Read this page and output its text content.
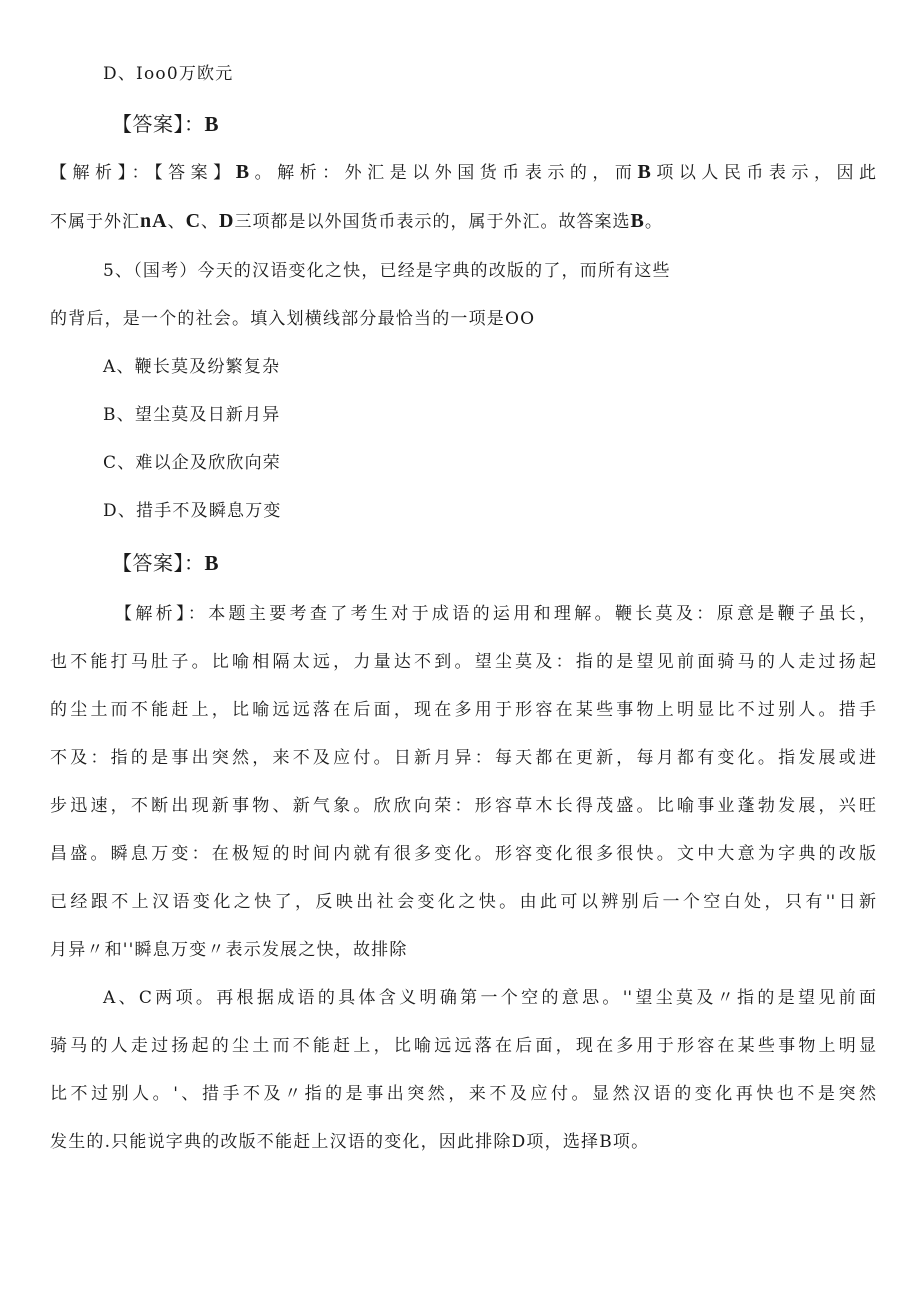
D、Ioo0万欧元
【答案】：B
【解析】：【答案】B。解析：外汇是以外国货币表示的，而B项以人民币表示，因此
不属于外汇nA、C、D三项都是以外国货币表示的，属于外汇。故答案选B。
5、（国考）今天的汉语变化之快，已经是字典的改版的了，而所有这些
的背后，是一个的社会。填入划横线部分最恰当的一项是OO
A、鞭长莫及纷繁复杂
B、望尘莫及日新月异
C、难以企及欣欣向荣
D、措手不及瞬息万变
【答案】：B
【解析】：本题主要考查了考生对于成语的运用和理解。鞭长莫及：原意是鞭子虽长，
也不能打马肚子。比喻相隔太远，力量达不到。望尘莫及：指的是望见前面骑马的人走过扬起
的尘土而不能赶上，比喻远远落在后面，现在多用于形容在某些事物上明显比不过别人。措手
不及：指的是事出突然，来不及应付。日新月异：每天都在更新，每月都有变化。指发展或进
步迅速，不断出现新事物、新气象。欣欣向荣：形容草木长得茂盛。比喻事业蓬勃发展，兴旺
昌盛。瞬息万变：在极短的时间内就有很多变化。形容变化很多很快。文中大意为字典的改版
已经跟不上汉语变化之快了，反映出社会变化之快。由此可以辨别后一个空白处，只有''日新
月异〃和''瞬息万变〃表示发展之快，故排除
A、C两项。再根据成语的具体含义明确第一个空的意思。''望尘莫及〃指的是望见前面
骑马的人走过扬起的尘土而不能赶上，比喻远远落在后面，现在多用于形容在某些事物上明显
比不过别人。'、措手不及〃指的是事出突然，来不及应付。显然汉语的变化再快也不是突然
发生的.只能说字典的改版不能赶上汉语的变化，因此排除D项，选择B项。
